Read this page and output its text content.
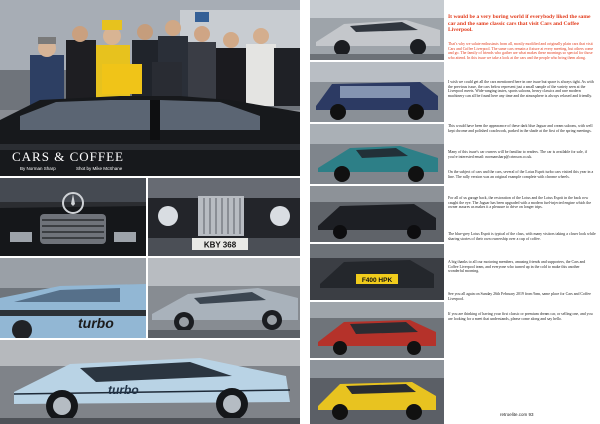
CARS & COFFEE
By Norman Sharp	Shot by Mike McShane
KBY 368
turbo
turbo
F400 HPK
It would be a very boring world if everybody liked the same car and the same classic cars that visit Cars and Coffee Liverpool.
That's why we salute enthusiasts from all, mostly modified and originally plain cars that visit Cars and Coffee Liverpool. The same cars remain a fixture at every meeting, but others come and go. The family of friends who gather are what makes these mornings so special for those who attend. In this issue we take a look at the cars and the people who bring them along.
I wish we could get all the cars mentioned here in one issue but space is always tight. As with the previous issue, the cars below represent just a small sample of the variety seen at the Liverpool meets. Wide-ranging tastes, sports saloons, heavy classics and rare modern machinery can all be found here any time and the atmosphere is always relaxed and friendly.
This would have been the appearance of these dark blue Jaguar and cream saloons, with well kept chrome and polished coachwork, parked in the shade at the first of the spring meetings.
Many of this issue's car owners will be familiar to readers. The car is available for sale, if you're interested email: normansharp@crimson.co.uk.
On the subject of cars and the cars, several of the Lotus Esprit turbo cars visited this year in a line. The rally version was an original example complete with chrome wheels.
For all of us garage back, the restoration of the Lotus and the Lotus Esprit in the back row caught the eye. The Jaguar has been upgraded with a modern fuel-injected engine which the owner assures us makes it a pleasure to drive on longer trips.
The blue-grey Lotus Esprit is typical of the class, with many visitors taking a closer look while sharing stories of their own ownership over a cup of coffee.
A big thanks to all our motoring members, amazing friends and supporters, the Cars and Coffee Liverpool team, and everyone who turned up in the cold to make this another wonderful morning.
See you all again on Sunday 26th February 2019 from 9am, same place for Cars and Coffee Liverpool.
If you are thinking of having your first classic or premium dream car, or selling one, and you are looking for a meet that understands, please come along and say hello.
retroelite.com 93
